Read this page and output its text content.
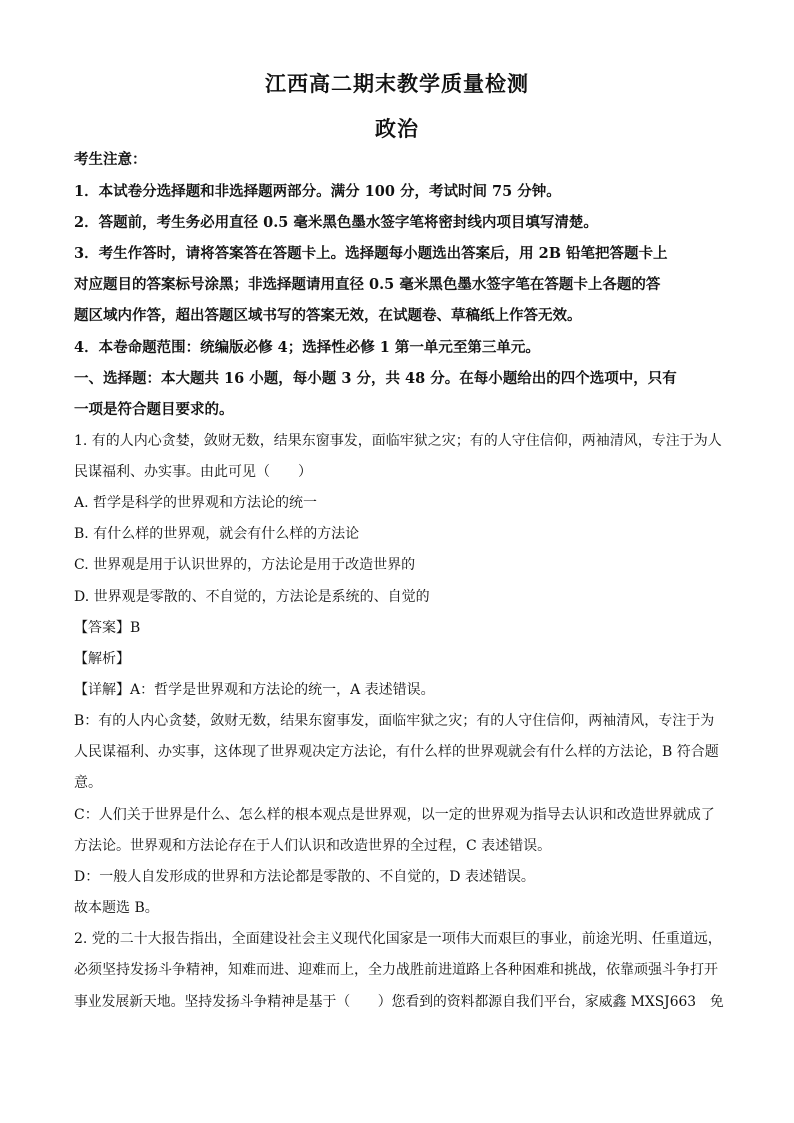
江西高二期末教学质量检测
政治
考生注意：
1．本试卷分选择题和非选择题两部分。满分 100 分，考试时间 75 分钟。
2．答题前，考生务必用直径 0.5 毫米黑色墨水签字笔将密封线内项目填写清楚。
3．考生作答时，请将答案答在答题卡上。选择题每小题选出答案后，用 2B 铅笔把答题卡上
对应题目的答案标号涂黑；非选择题请用直径 0.5 毫米黑色墨水签字笔在答题卡上各题的答
题区域内作答，超出答题区域书写的答案无效，在试题卷、草稿纸上作答无效。
4．本卷命题范围：统编版必修 4；选择性必修 1 第一单元至第三单元。
一、选择题：本大题共 16 小题，每小题 3 分，共 48 分。在每小题给出的四个选项中，只有
一项是符合题目要求的。
1. 有的人内心贪婪，敛财无数，结果东窗事发，面临牢狱之灾；有的人守住信仰，两袖清风，专注于为人
民谋福利、办实事。由此可见（　　）
A. 哲学是科学的世界观和方法论的统一
B. 有什么样的世界观，就会有什么样的方法论
C. 世界观是用于认识世界的，方法论是用于改造世界的
D. 世界观是零散的、不自觉的，方法论是系统的、自觉的
【答案】B
【解析】
【详解】A：哲学是世界观和方法论的统一，A 表述错误。
B：有的人内心贪婪，敛财无数，结果东窗事发，面临牢狱之灾；有的人守住信仰，两袖清风，专注于为
人民谋福利、办实事，这体现了世界观决定方法论，有什么样的世界观就会有什么样的方法论，B 符合题
意。
C：人们关于世界是什么、怎么样的根本观点是世界观，以一定的世界观为指导去认识和改造世界就成了
方法论。世界观和方法论存在于人们认识和改造世界的全过程，C 表述错误。
D：一般人自发形成的世界和方法论都是零散的、不自觉的，D 表述错误。
故本题选 B。
2. 党的二十大报告指出，全面建设社会主义现代化国家是一项伟大而艰巨的事业，前途光明、任重道远，
必须坚持发扬斗争精神，知难而进、迎难而上，全力战胜前进道路上各种困难和挑战，依靠顽强斗争打开
事业发展新天地。坚持发扬斗争精神是基于（　　）您看到的资料都源自我们平台，家威鑫 MXSJ663　免
